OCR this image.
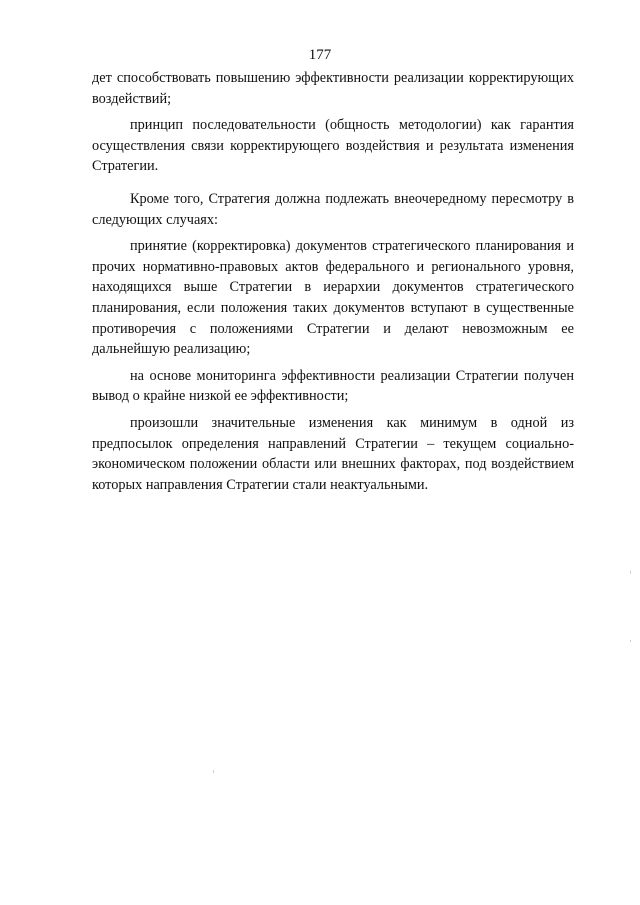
177

дет способствовать повышению эффективности реализации корректирующих воздействий;

принцип последовательности (общность методологии) как гарантия осуществления связи корректирующего воздействия и результата изменения Стратегии.

Кроме того, Стратегия должна подлежать внеочередному пересмотру в следующих случаях:

принятие (корректировка) документов стратегического планирования и прочих нормативно-правовых актов федерального и регионального уровня, находящихся выше Стратегии в иерархии документов стратегического планирования, если положения таких документов вступают в существенные противоречия с положениями Стратегии и делают невозможным ее дальнейшую реализацию;

на основе мониторинга эффективности реализации Стратегии получен вывод о крайне низкой ее эффективности;

произошли значительные изменения как минимум в одной из предпосылок определения направлений Стратегии – текущем социально-экономическом положении области или внешних факторах, под воздействием которых направления Стратегии стали неактуальными.
